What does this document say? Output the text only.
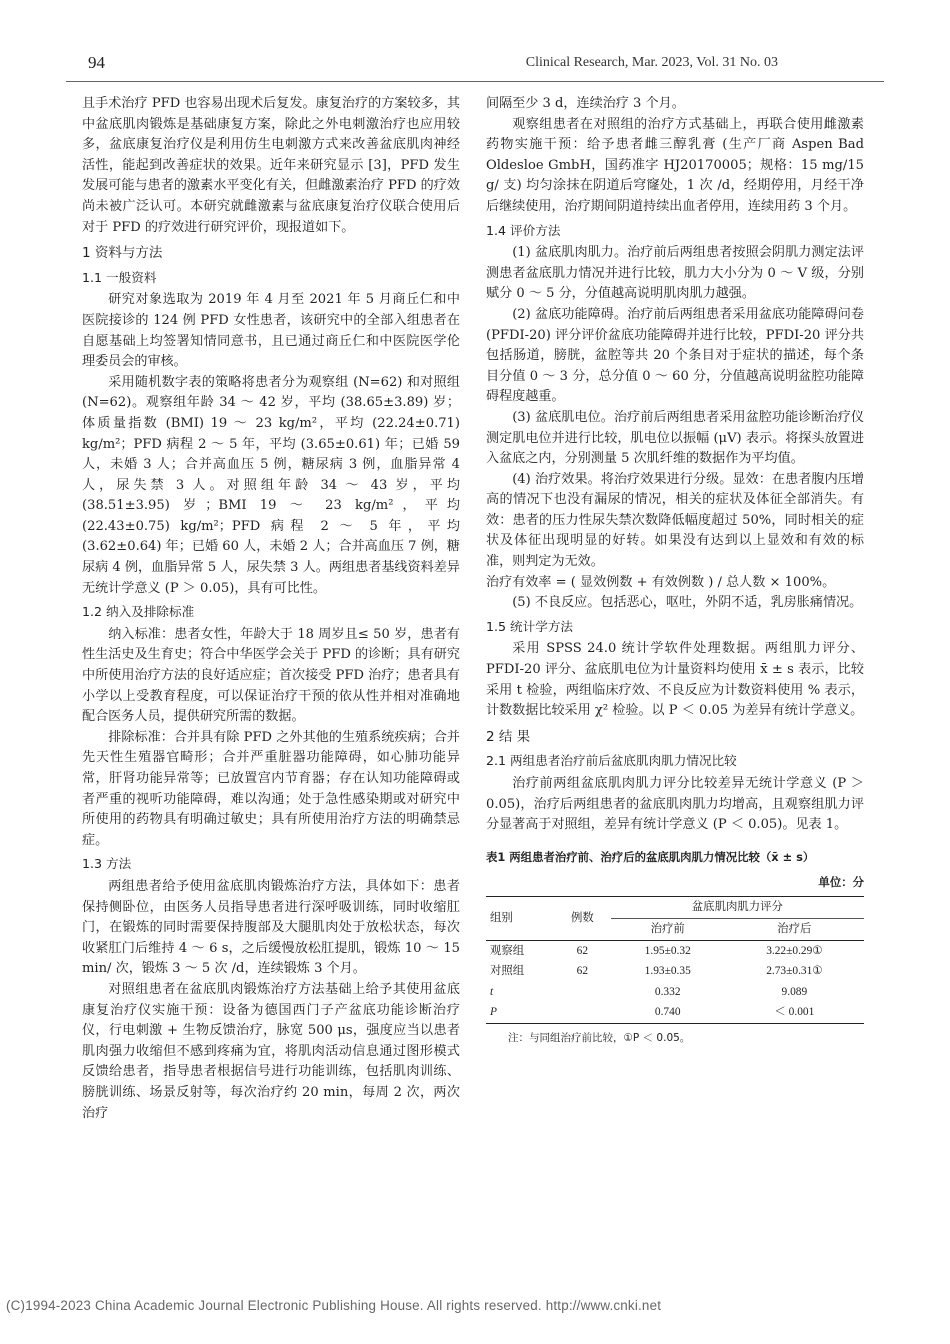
94	Clinical Research, Mar. 2023, Vol. 31 No. 03

且手术治疗 PFD 也容易出现术后复发。康复治疗的方案较多，其中盆底肌肉锻炼是基础康复方案，除此之外电刺激治疗也应用较多，盆底康复治疗仪是利用仿生电刺激方式来改善盆底肌肉神经活性，能起到改善症状的效果。近年来研究显示 [3]，PFD 发生发展可能与患者的激素水平变化有关，但雌激素治疗 PFD 的疗效尚未被广泛认可。本研究就雌激素与盆底康复治疗仪联合使用后对于 PFD 的疗效进行研究评价，现报道如下。

1 资料与方法
1.1 一般资料

研究对象选取为 2019 年 4 月至 2021 年 5 月商丘仁和中医院接诊的 124 例 PFD 女性患者，该研究中的全部入组患者在自愿基础上均签署知情同意书，且已通过商丘仁和中医院医学伦理委员会的审核。

采用随机数字表的策略将患者分为观察组 (N=62) 和对照组 (N=62)。观察组年龄 34 ～ 42 岁，平均 (38.65±3.89) 岁；体质量指数 (BMI) 19 ～ 23 kg/m²，平均 (22.24±0.71) kg/m²；PFD 病程 2 ～ 5 年，平均 (3.65±0.61) 年；已婚 59 人，未婚 3 人；合并高血压 5 例，糖尿病 3 例，血脂异常 4 人，尿失禁 3 人。对照组年龄 34 ～ 43 岁，平均 (38.51±3.95) 岁；BMI 19 ～ 23 kg/m²，平均 (22.43±0.75) kg/m²；PFD 病程 2 ～ 5 年，平均 (3.62±0.64) 年；已婚 60 人，未婚 2 人；合并高血压 7 例，糖尿病 4 例，血脂异常 5 人，尿失禁 3 人。两组患者基线资料差异无统计学意义 (P ＞ 0.05)，具有可比性。

1.2 纳入及排除标准

纳入标准：患者女性，年龄大于 18 周岁且≤ 50 岁，患者有性生活史及生育史；符合中华医学会关于 PFD 的诊断；具有研究中所使用治疗方法的良好适应症；首次接受 PFD 治疗；患者具有小学以上受教育程度，可以保证治疗干预的依从性并相对准确地配合医务人员，提供研究所需的数据。

排除标准：合并具有除 PFD 之外其他的生殖系统疾病；合并先天性生殖器官畸形；合并严重脏器功能障碍，如心肺功能异常，肝肾功能异常等；已放置宫内节育器；存在认知功能障碍或者严重的视听功能障碍，难以沟通；处于急性感染期或对研究中所使用的药物具有明确过敏史；具有所使用治疗方法的明确禁忌症。

1.3 方法

两组患者给予使用盆底肌肉锻炼治疗方法，具体如下：患者保持侧卧位，由医务人员指导患者进行深呼吸训练，同时收缩肛门，在锻炼的同时需要保持腹部及大腿肌肉处于放松状态，每次收紧肛门后维持 4 ～ 6 s，之后缓慢放松肛提肌，锻炼 10 ～ 15 min/ 次，锻炼 3 ～ 5 次 /d，连续锻炼 3 个月。

对照组患者在盆底肌肉锻炼治疗方法基础上给予其使用盆底康复治疗仪实施干预：设备为德国西门子产盆底功能诊断治疗仪，行电刺激 + 生物反馈治疗，脉宽 500 μs，强度应当以患者肌肉强力收缩但不感到疼痛为宜，将肌肉活动信息通过图形模式反馈给患者，指导患者根据信号进行功能训练，包括肌肉训练、膀胱训练、场景反射等，每次治疗约 20 min，每周 2 次，两次治疗

间隔至少 3 d，连续治疗 3 个月。

观察组患者在对照组的治疗方式基础上，再联合使用雌激素药物实施干预：给予患者雌三醇乳膏 (生产厂商 Aspen Bad Oldesloe GmbH，国药准字 HJ20170005；规格：15 mg/15 g/ 支) 均匀涂抹在阴道后穹窿处，1 次 /d，经期停用，月经干净后继续使用，治疗期间阴道持续出血者停用，连续用药 3 个月。

1.4 评价方法

(1) 盆底肌肉肌力。治疗前后两组患者按照会阴肌力测定法评测患者盆底肌力情况并进行比较，肌力大小分为 0 ～ V 级，分别赋分 0 ～ 5 分，分值越高说明肌肉肌力越强。

(2) 盆底功能障碍。治疗前后两组患者采用盆底功能障碍问卷 (PFDI-20) 评分评价盆底功能障碍并进行比较，PFDI-20 评分共包括肠道，膀胱，盆腔等共 20 个条目对于症状的描述，每个条目分值 0 ～ 3 分，总分值 0 ～ 60 分，分值越高说明盆腔功能障碍程度越重。

(3) 盆底肌电位。治疗前后两组患者采用盆腔功能诊断治疗仪测定肌电位并进行比较，肌电位以振幅 (μV) 表示。将探头放置进入盆底之内，分别测量 5 次肌纤维的数据作为平均值。

(4) 治疗效果。将治疗效果进行分级。显效：在患者腹内压增高的情况下也没有漏尿的情况，相关的症状及体征全部消失。有效：患者的压力性尿失禁次数降低幅度超过 50%，同时相关的症状及体征出现明显的好转。如果没有达到以上显效和有效的标准，则判定为无效。

治疗有效率 = ( 显效例数 + 有效例数 ) / 总人数 × 100%。

(5) 不良反应。包括恶心，呕吐，外阴不适，乳房胀痛情况。

1.5 统计学方法

采用 SPSS 24.0 统计学软件处理数据。两组肌力评分、PFDI-20 评分、盆底肌电位为计量资料均使用 x̄ ± s 表示，比较采用 t 检验，两组临床疗效、不良反应为计数资料使用 % 表示，计数数据比较采用 χ² 检验。以 P ＜ 0.05 为差异有统计学意义。

2 结 果
2.1 两组患者治疗前后盆底肌肉肌力情况比较

治疗前两组盆底肌肉肌力评分比较差异无统计学意义 (P ＞ 0.05)，治疗后两组患者的盆底肌肉肌力均增高，且观察组肌力评分显著高于对照组，差异有统计学意义 (P ＜ 0.05)。见表 1。

表1 两组患者治疗前、治疗后的盆底肌肉肌力情况比较（x̄ ± s）
单位：分
组别	例数	盆底肌肉肌力评分	
		治疗前	治疗后
观察组	62	1.95±0.32	3.22±0.29①
对照组	62	1.93±0.35	2.73±0.31①
t		0.332	9.089
P		0.740	＜ 0.001
注：与同组治疗前比较，①P ＜ 0.05。
(C)1994-2023 China Academic Journal Electronic Publishing House. All rights reserved. http://www.cnki.net
